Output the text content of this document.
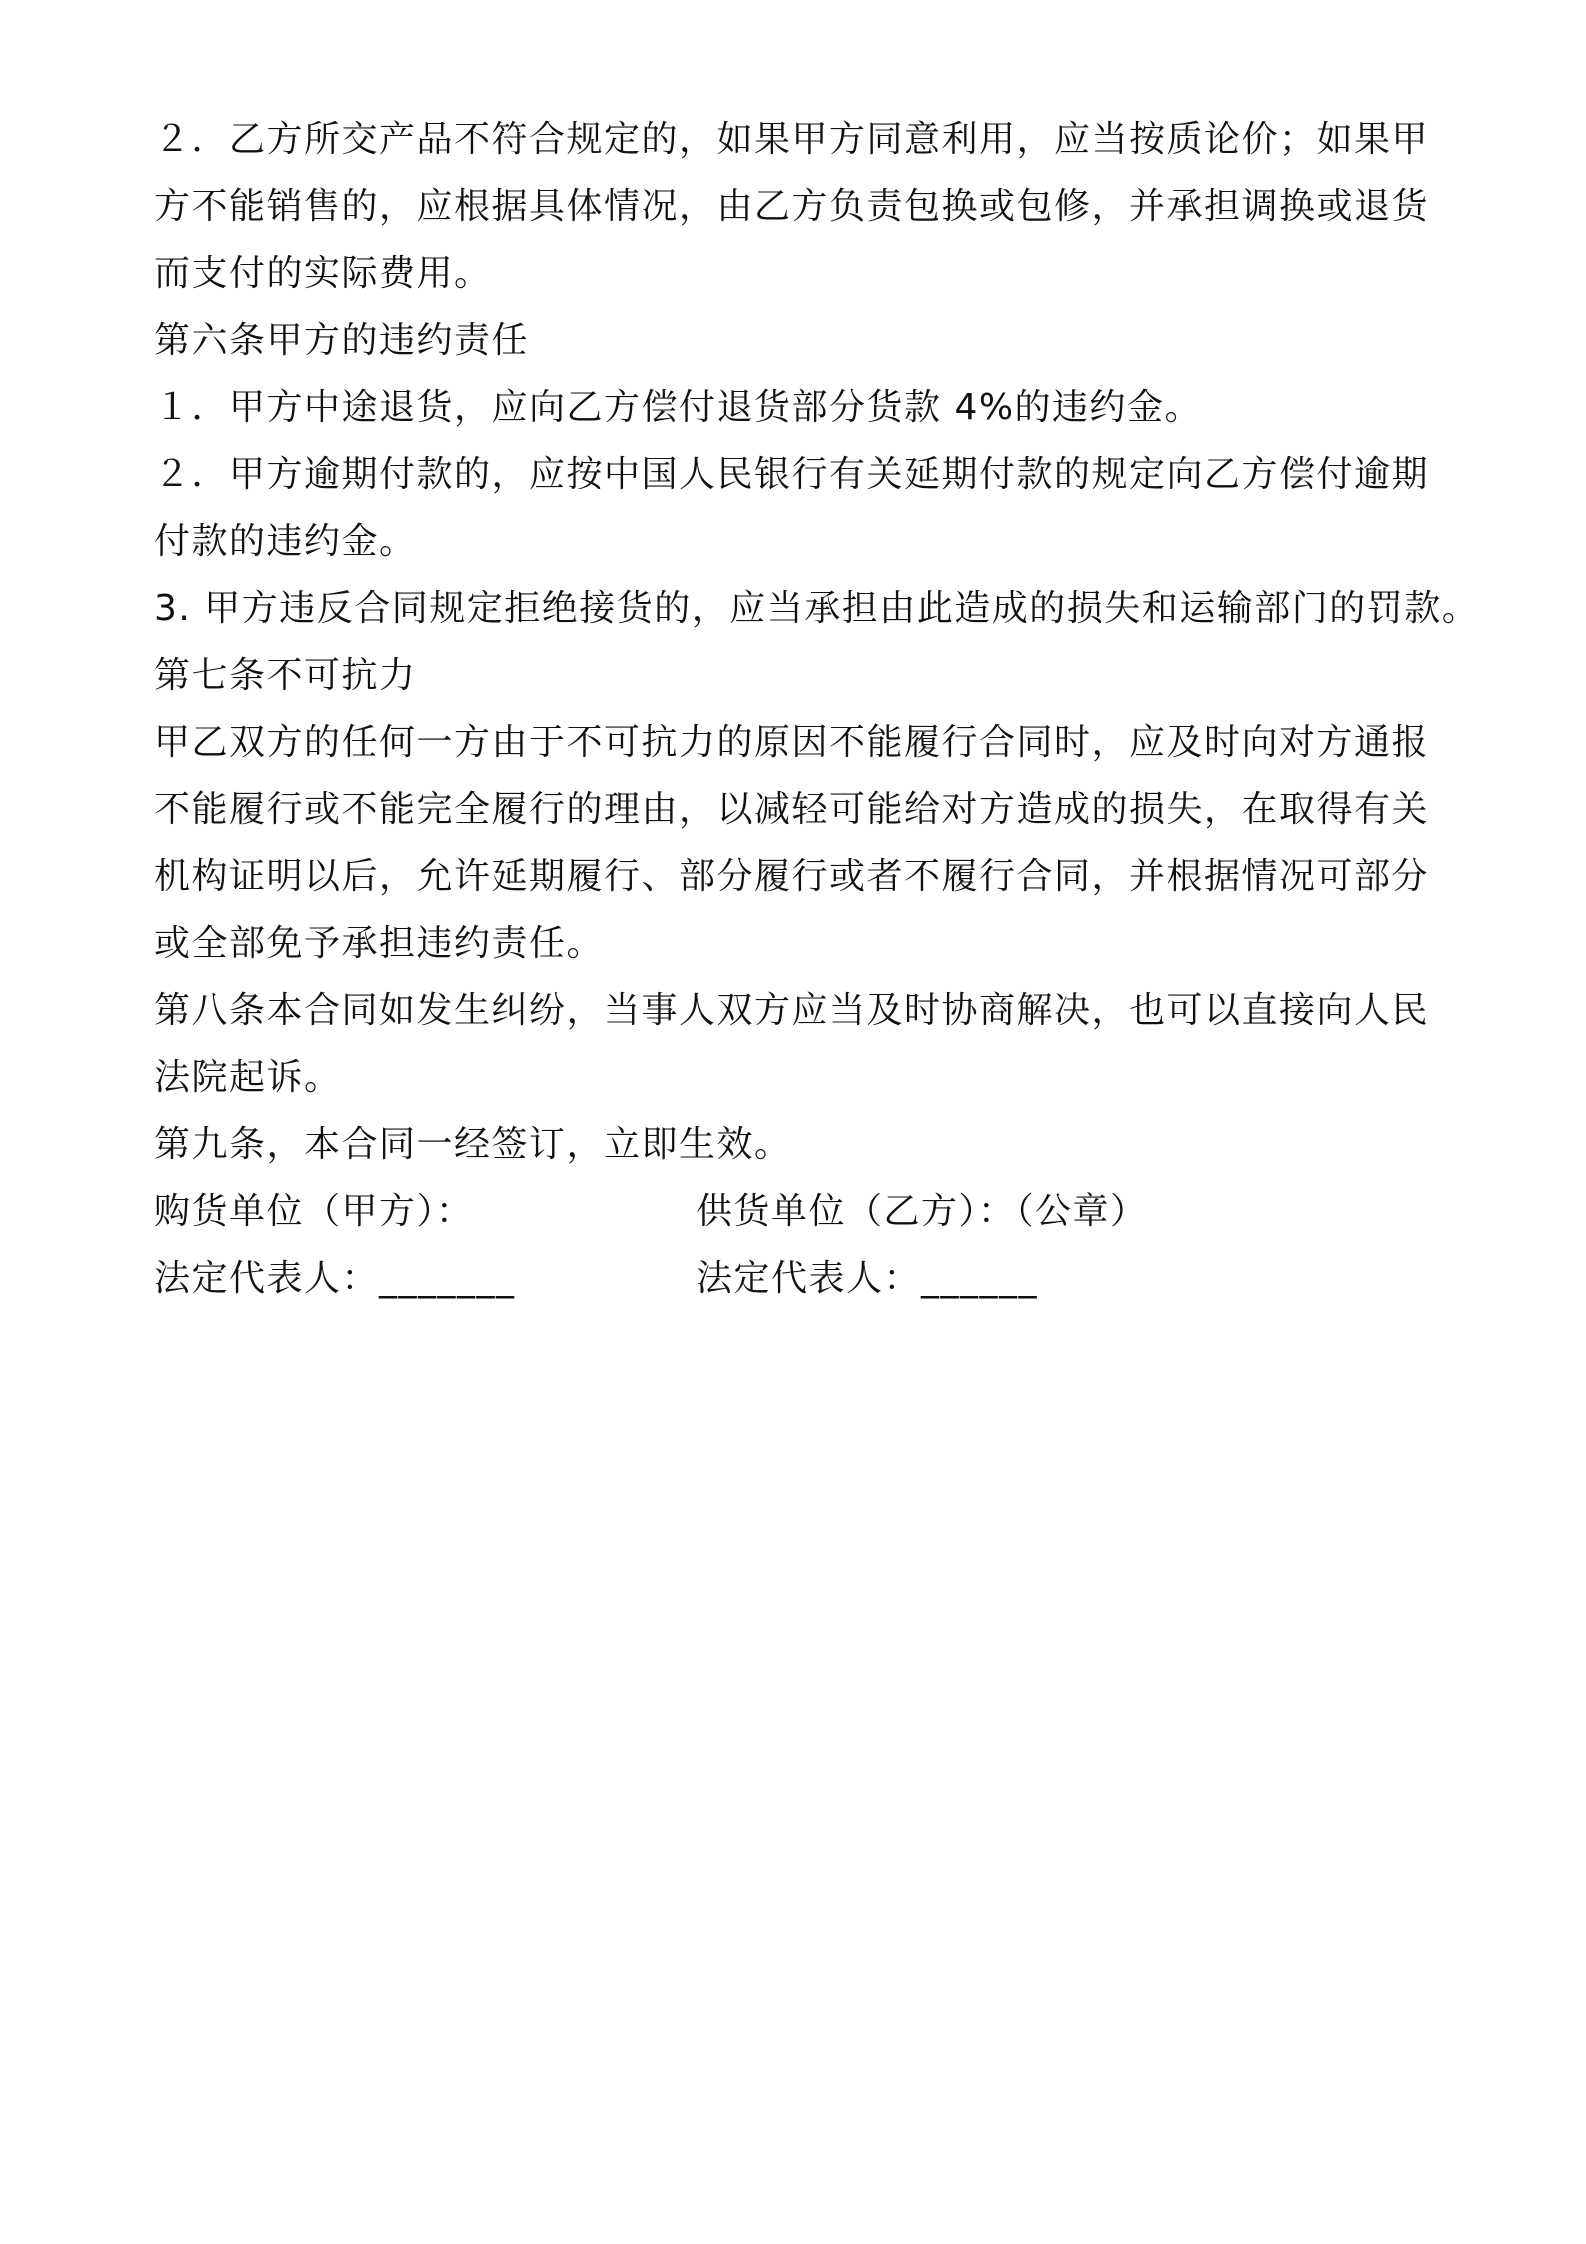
２．乙方所交产品不符合规定的，如果甲方同意利用，应当按质论价；如果甲
方不能销售的，应根据具体情况，由乙方负责包换或包修，并承担调换或退货
而支付的实际费用。
第六条甲方的违约责任
１．甲方中途退货，应向乙方偿付退货部分货款 4%的违约金。
２．甲方逾期付款的，应按中国人民银行有关延期付款的规定向乙方偿付逾期
付款的违约金。
3. 甲方违反合同规定拒绝接货的，应当承担由此造成的损失和运输部门的罚款。
第七条不可抗力
甲乙双方的任何一方由于不可抗力的原因不能履行合同时，应及时向对方通报
不能履行或不能完全履行的理由，以减轻可能给对方造成的损失，在取得有关
机构证明以后，允许延期履行、部分履行或者不履行合同，并根据情况可部分
或全部免予承担违约责任。
第八条本合同如发生纠纷，当事人双方应当及时协商解决，也可以直接向人民
法院起诉。
第九条，本合同一经签订，立即生效。
购货单位（甲方）：	供货单位（乙方）：（公章）
法定代表人：_______	法定代表人：______
